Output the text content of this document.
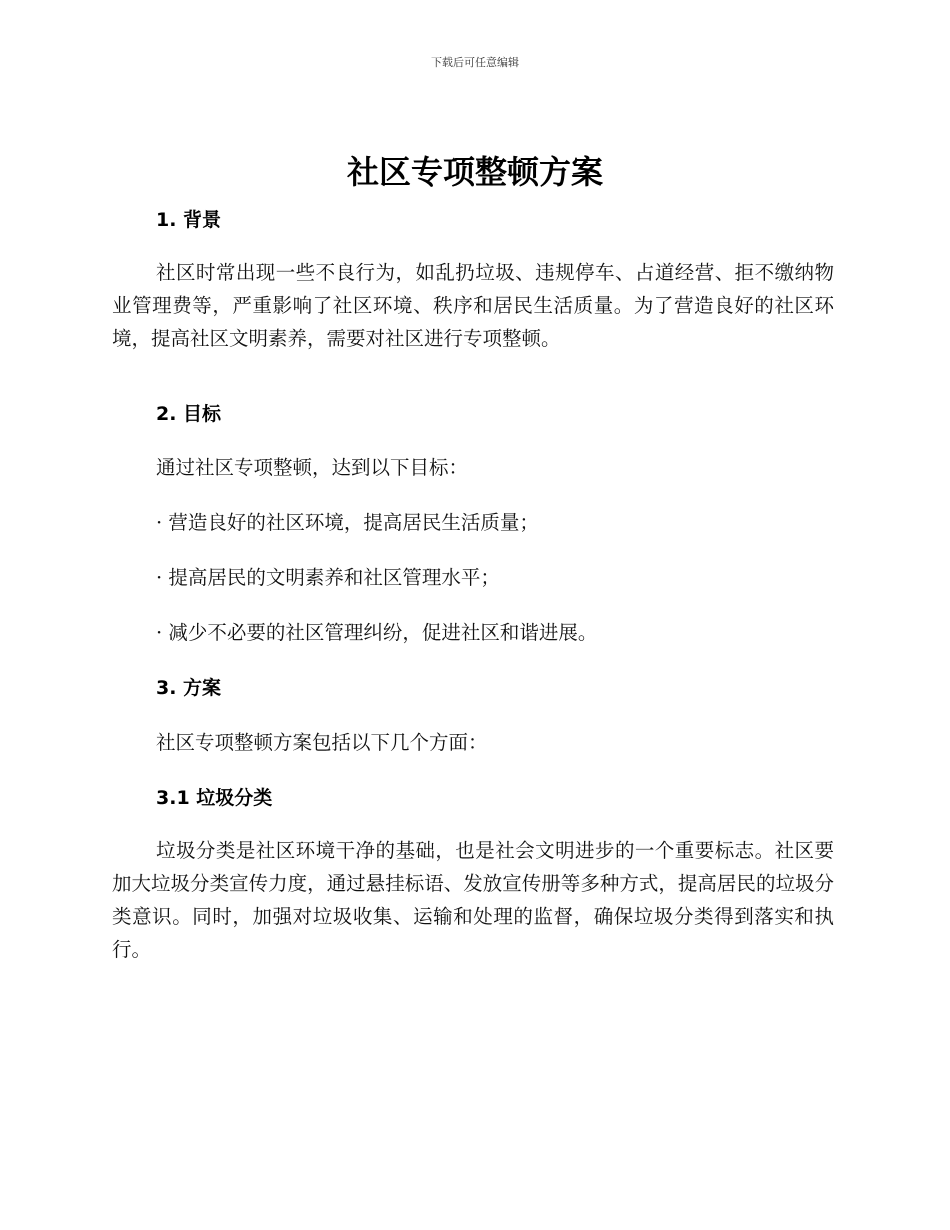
下载后可任意编辑
社区专项整顿方案
1. 背景

社区时常出现一些不良行为，如乱扔垃圾、违规停车、占道经营、拒不缴纳物业管理费等，严重影响了社区环境、秩序和居民生活质量。为了营造良好的社区环境，提高社区文明素养，需要对社区进行专项整顿。

2. 目标

通过社区专项整顿，达到以下目标：

· 营造良好的社区环境，提高居民生活质量；

· 提高居民的文明素养和社区管理水平；

· 减少不必要的社区管理纠纷，促进社区和谐进展。

3. 方案

社区专项整顿方案包括以下几个方面：

3.1 垃圾分类

垃圾分类是社区环境干净的基础，也是社会文明进步的一个重要标志。社区要加大垃圾分类宣传力度，通过悬挂标语、发放宣传册等多种方式，提高居民的垃圾分类意识。同时，加强对垃圾收集、运输和处理的监督，确保垃圾分类得到落实和执行。
